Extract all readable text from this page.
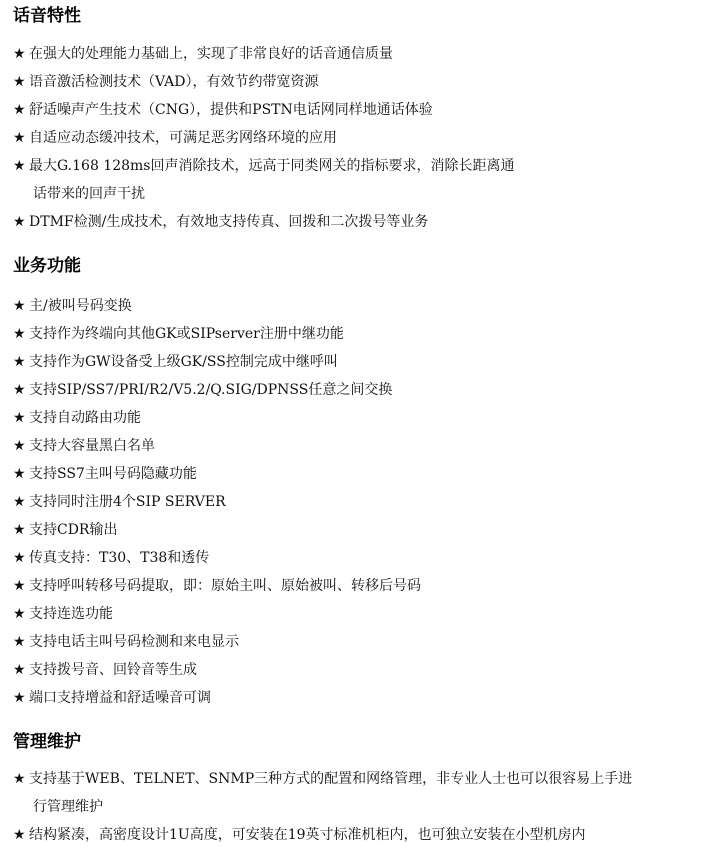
话音特性
★ 在强大的处理能力基础上，实现了非常良好的话音通信质量
★ 语音激活检测技术（VAD），有效节约带宽资源
★ 舒适噪声产生技术（CNG），提供和PSTN电话网同样地通话体验
★ 自适应动态缓冲技术，可满足恶劣网络环境的应用
★ 最大G.168 128ms回声消除技术，远高于同类网关的指标要求，消除长距离通
话带来的回声干扰
★ DTMF检测/生成技术，有效地支持传真、回拨和二次拨号等业务
业务功能
★ 主/被叫号码变换
★ 支持作为终端向其他GK或SIPserver注册中继功能
★ 支持作为GW设备受上级GK/SS控制完成中继呼叫
★ 支持SIP/SS7/PRI/R2/V5.2/Q.SIG/DPNSS任意之间交换
★ 支持自动路由功能
★ 支持大容量黑白名单
★ 支持SS7主叫号码隐藏功能
★ 支持同时注册4个SIP SERVER
★ 支持CDR输出
★ 传真支持：T30、T38和透传
★ 支持呼叫转移号码提取，即：原始主叫、原始被叫、转移后号码
★ 支持连选功能
★ 支持电话主叫号码检测和来电显示
★ 支持拨号音、回铃音等生成
★ 端口支持增益和舒适噪音可调
管理维护
★ 支持基于WEB、TELNET、SNMP三种方式的配置和网络管理，非专业人士也可以很容易上手进
行管理维护
★ 结构紧凑，高密度设计1U高度，可安装在19英寸标准机柜内，也可独立安装在小型机房内
